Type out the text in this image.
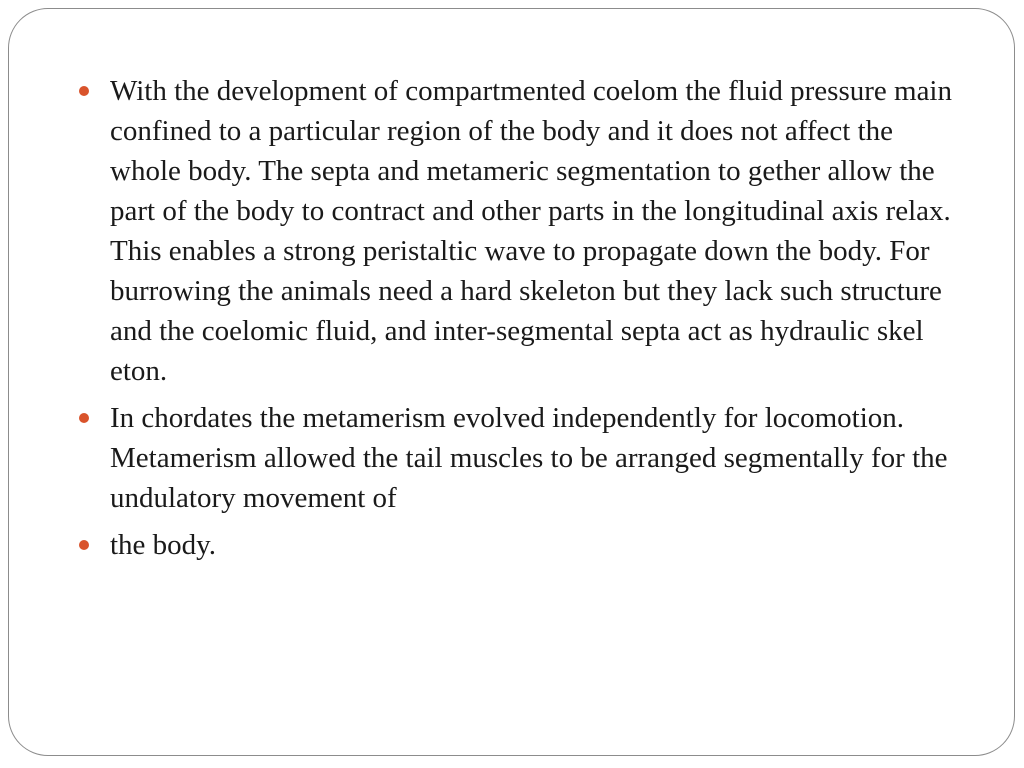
With the development of compartmented coelom the fluid pressure main confined to a particular region of the body and it does not affect the whole body. The septa and metameric segmentation to gether allow the part of the body to contract and other parts in the longitudinal axis relax. This enables a strong peristaltic wave to propagate down the body. For burrowing the animals need a hard skeleton but they lack such structure and the coelomic fluid, and inter-segmental septa act as hydraulic skel eton.
In chordates the metamerism evolved independently for locomotion. Metamerism allowed the tail muscles to be arranged segmentally for the undulatory movement of
the body.
